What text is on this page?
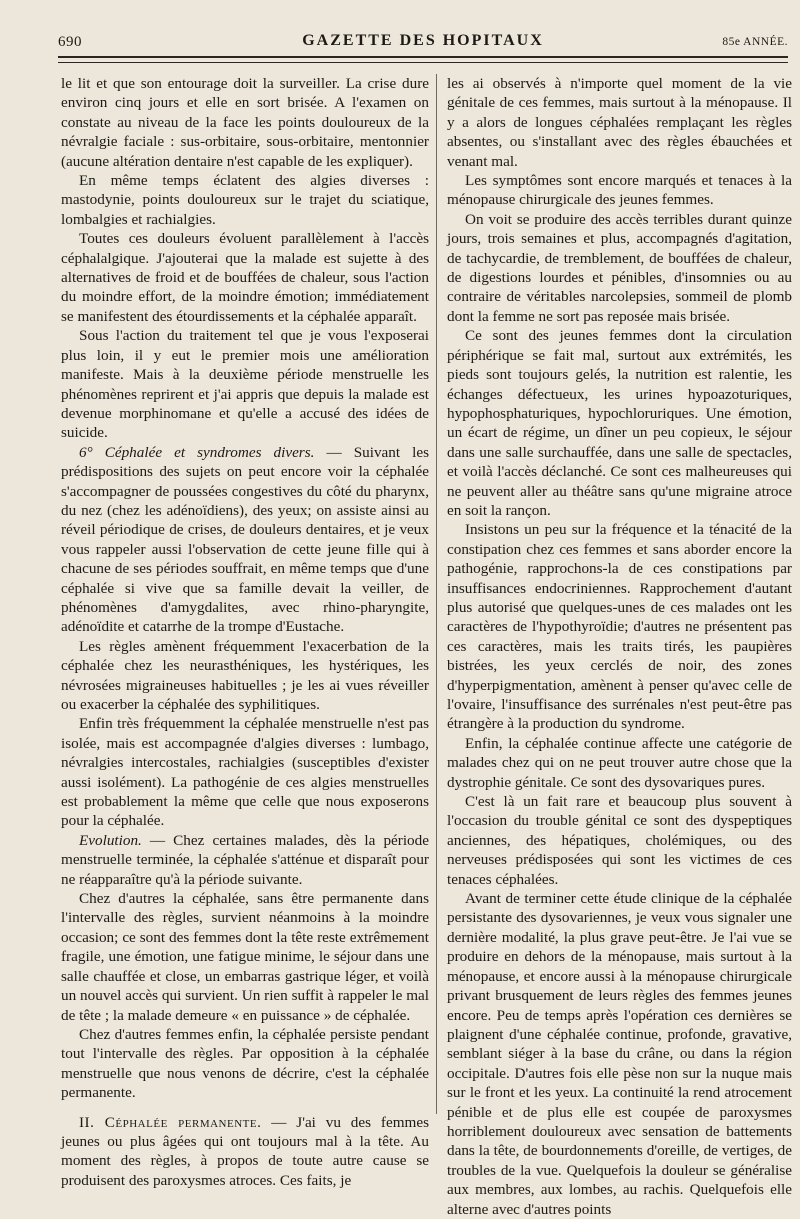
690	GAZETTE DES HOPITAUX	85e ANNÉE.

le lit et que son entourage doit la surveiller. La crise dure environ cinq jours et elle en sort brisée. A l'examen on constate au niveau de la face les points douloureux de la névralgie faciale : sus-orbitaire, sous-orbitaire, mentonnier (aucune altération dentaire n'est capable de les expliquer).

En même temps éclatent des algies diverses : mastodynie, points douloureux sur le trajet du sciatique, lombalgies et rachialgies.

Toutes ces douleurs évoluent parallèlement à l'accès céphalalgique. J'ajouterai que la malade est sujette à des alternatives de froid et de bouffées de chaleur, sous l'action du moindre effort, de la moindre émotion; immédiatement se manifestent des étourdissements et la céphalée apparaît.

Sous l'action du traitement tel que je vous l'exposerai plus loin, il y eut le premier mois une amélioration manifeste. Mais à la deuxième période menstruelle les phénomènes reprirent et j'ai appris que depuis la malade est devenue morphinomane et qu'elle a accusé des idées de suicide.

6° Céphalée et syndromes divers. — Suivant les prédispositions des sujets on peut encore voir la céphalée s'accompagner de poussées congestives du côté du pharynx, du nez (chez les adénoïdiens), des yeux; on assiste ainsi au réveil périodique de crises, de douleurs dentaires, et je veux vous rappeler aussi l'observation de cette jeune fille qui à chacune de ses périodes souffrait, en même temps que d'une céphalée si vive que sa famille devait la veiller, de phénomènes d'amygdalites, avec rhino-pharyngite, adénoïdite et catarrhe de la trompe d'Eustache.

Les règles amènent fréquemment l'exacerbation de la céphalée chez les neurasthéniques, les hystériques, les névrosées migraineuses habituelles ; je les ai vues réveiller ou exacerber la céphalée des syphilitiques.

Enfin très fréquemment la céphalée menstruelle n'est pas isolée, mais est accompagnée d'algies diverses : lumbago, névralgies intercostales, rachialgies (susceptibles d'exister aussi isolément). La pathogénie de ces algies menstruelles est probablement la même que celle que nous exposerons pour la céphalée.

Evolution. — Chez certaines malades, dès la période menstruelle terminée, la céphalée s'atténue et disparaît pour ne réapparaître qu'à la période suivante.

Chez d'autres la céphalée, sans être permanente dans l'intervalle des règles, survient néanmoins à la moindre occasion; ce sont des femmes dont la tête reste extrêmement fragile, une émotion, une fatigue minime, le séjour dans une salle chauffée et close, un embarras gastrique léger, et voilà un nouvel accès qui survient. Un rien suffit à rappeler le mal de tête ; la malade demeure « en puissance » de céphalée.

Chez d'autres femmes enfin, la céphalée persiste pendant tout l'intervalle des règles. Par opposition à la céphalée menstruelle que nous venons de décrire, c'est la céphalée permanente.

II. Céphalée permanente. — J'ai vu des femmes jeunes ou plus âgées qui ont toujours mal à la tête. Au moment des règles, à propos de toute autre cause se produisent des paroxysmes atroces. Ces faits, je

les ai observés à n'importe quel moment de la vie génitale de ces femmes, mais surtout à la ménopause. Il y a alors de longues céphalées remplaçant les règles absentes, ou s'installant avec des règles ébauchées et venant mal.

Les symptômes sont encore marqués et tenaces à la ménopause chirurgicale des jeunes femmes.

On voit se produire des accès terribles durant quinze jours, trois semaines et plus, accompagnés d'agitation, de tachycardie, de tremblement, de bouffées de chaleur, de digestions lourdes et pénibles, d'insomnies ou au contraire de véritables narcolepsies, sommeil de plomb dont la femme ne sort pas reposée mais brisée.

Ce sont des jeunes femmes dont la circulation périphérique se fait mal, surtout aux extrémités, les pieds sont toujours gelés, la nutrition est ralentie, les échanges défectueux, les urines hypoazoturiques, hypophosphaturiques, hypochloruriques. Une émotion, un écart de régime, un dîner un peu copieux, le séjour dans une salle surchauffée, dans une salle de spectacles, et voilà l'accès déclanché. Ce sont ces malheureuses qui ne peuvent aller au théâtre sans qu'une migraine atroce en soit la rançon.

Insistons un peu sur la fréquence et la ténacité de la constipation chez ces femmes et sans aborder encore la pathogénie, rapprochons-la de ces constipations par insuffisances endocriniennes. Rapprochement d'autant plus autorisé que quelques-unes de ces malades ont les caractères de l'hypothyroïdie; d'autres ne présentent pas ces caractères, mais les traits tirés, les paupières bistrées, les yeux cerclés de noir, des zones d'hyperpigmentation, amènent à penser qu'avec celle de l'ovaire, l'insuffisance des surrénales n'est peut-être pas étrangère à la production du syndrome.

Enfin, la céphalée continue affecte une catégorie de malades chez qui on ne peut trouver autre chose que la dystrophie génitale. Ce sont des dysovariques pures.

C'est là un fait rare et beaucoup plus souvent à l'occasion du trouble génital ce sont des dyspeptiques anciennes, des hépatiques, cholémiques, ou des nerveuses prédisposées qui sont les victimes de ces tenaces céphalées.

Avant de terminer cette étude clinique de la céphalée persistante des dysovariennes, je veux vous signaler une dernière modalité, la plus grave peut-être. Je l'ai vue se produire en dehors de la ménopause, mais surtout à la ménopause, et encore aussi à la ménopause chirurgicale privant brusquement de leurs règles des femmes jeunes encore. Peu de temps après l'opération ces dernières se plaignent d'une céphalée continue, profonde, gravative, semblant siéger à la base du crâne, ou dans la région occipitale. D'autres fois elle pèse non sur la nuque mais sur le front et les yeux. La continuité la rend atrocement pénible et de plus elle est coupée de paroxysmes horriblement douloureux avec sensation de battements dans la tête, de bourdonnements d'oreille, de vertiges, de troubles de la vue. Quelquefois la douleur se généralise aux membres, aux lombes, au rachis. Quelquefois elle alterne avec d'autres points
